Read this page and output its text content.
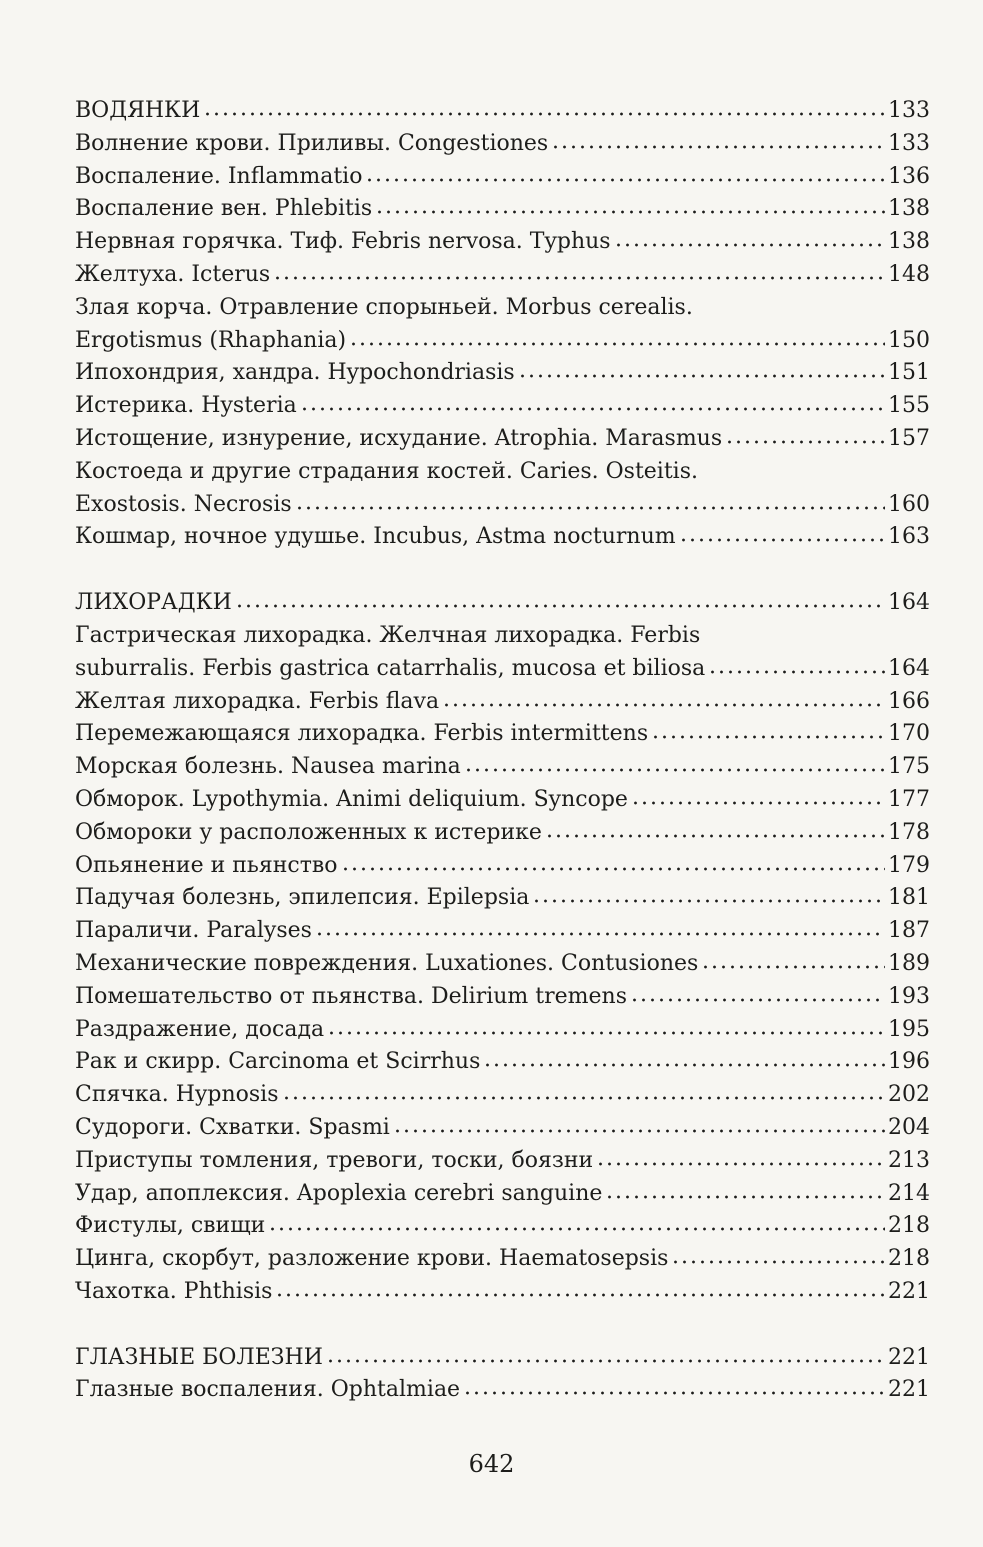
ВОДЯНКИ	133
Волнение крови. Приливы. Congestiones	133
Воспаление. Inflammatio	136
Воспаление вен. Phlebitis	138
Нервная горячка. Тиф. Febris nervosa. Typhus	138
Желтуха. Icterus	148
Злая корча. Отравление спорыньей. Morbus cerealis.
Ergotismus (Rhaphania)	150
Ипохондрия, хандра. Hypochondriasis	151
Истерика. Hysteria	155
Истощение, изнурение, исхудание. Atrophia. Marasmus	157
Костоеда и другие страдания костей. Caries. Osteitis.
Exostosis. Necrosis	160
Кошмар, ночное удушье. Incubus, Astma nocturnum	163
ЛИХОРАДКИ	164
Гастрическая лихорадка. Желчная лихорадка. Ferbis
suburralis. Ferbis gastrica catarrhalis, mucosa et biliosa	164
Желтая лихорадка. Ferbis flava	166
Перемежающаяся лихорадка. Ferbis intermittens	170
Морская болезнь. Nausea marina	175
Обморок. Lypothymia. Animi deliquium. Syncope	177
Обмороки у расположенных к истерике	178
Опьянение и пьянство	179
Падучая болезнь, эпилепсия. Epilepsia	181
Параличи. Paralyses	187
Механические повреждения. Luxationes. Contusiones	189
Помешательство от пьянства. Delirium tremens	193
Раздражение, досада	195
Рак и скирр. Carcinoma et Scirrhus	196
Спячка. Hypnosis	202
Судороги. Схватки. Spasmi	204
Приступы томления, тревоги, тоски, боязни	213
Удар, апоплексия. Apoplexia cerebri sanguine	214
Фистулы, свищи	218
Цинга, скорбут, разложение крови. Haematosepsis	218
Чахотка. Phthisis	221
ГЛАЗНЫЕ БОЛЕЗНИ	221
Глазные воспаления. Ophtalmiae	221
642
